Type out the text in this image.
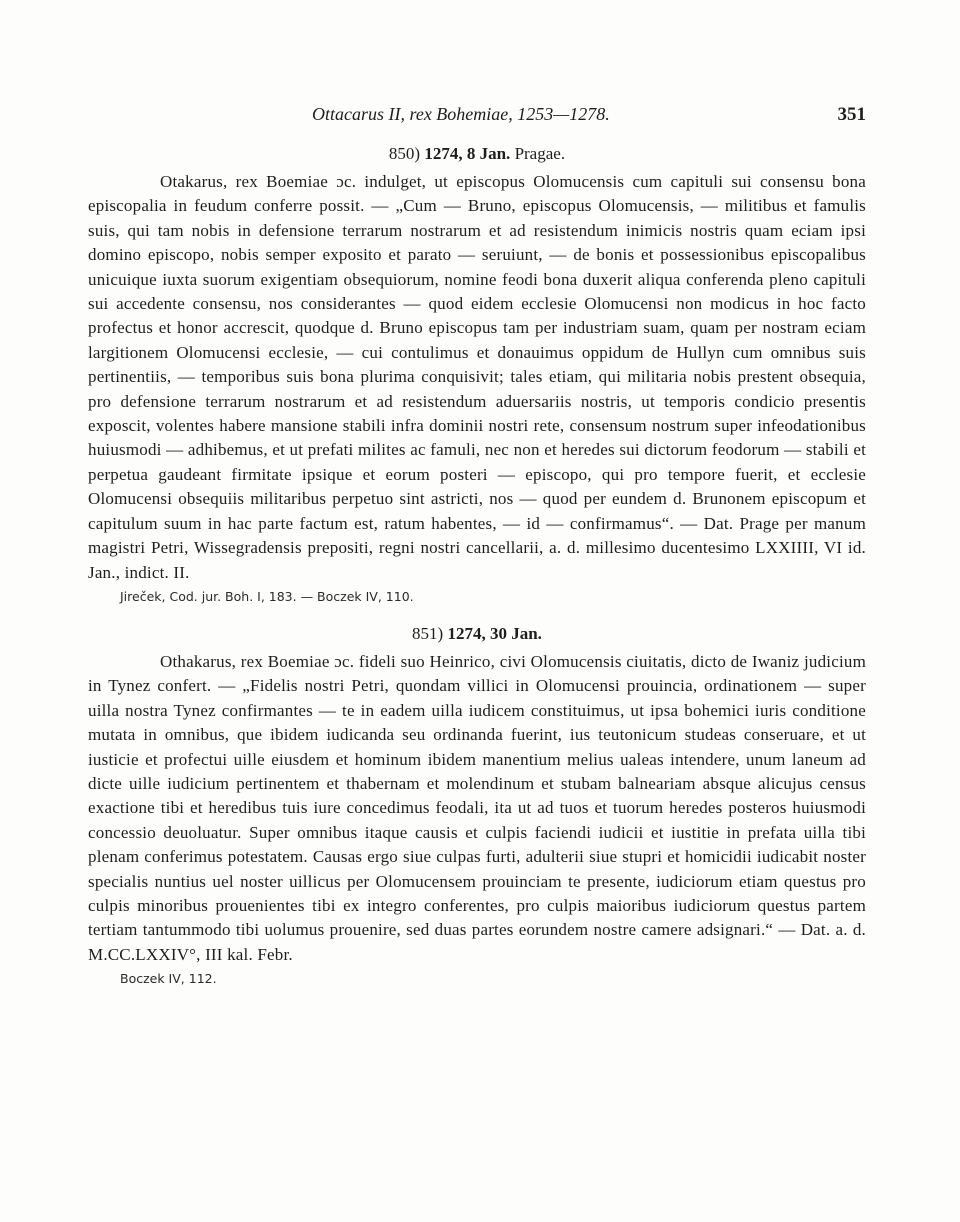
Ottacarus II, rex Bohemiae, 1253—1278.	351
850) 1274, 8 Jan. Pragae.

Otakarus, rex Boemiae ɔc. indulget, ut episcopus Olomucensis cum capituli sui consensu bona episcopalia in feudum conferre possit. — „Cum — Bruno, episcopus Olomucensis, — militibus et famulis suis, qui tam nobis in defensione terrarum nostrarum et ad resistendum inimicis nostris quam eciam ipsi domino episcopo, nobis semper exposito et parato — seruiunt, — de bonis et possessionibus episcopalibus unicuique iuxta suorum exigentiam obsequiorum, nomine feodi bona duxerit aliqua conferenda pleno capituli sui accedente consensu, nos considerantes — quod eidem ecclesie Olomucensi non modicus in hoc facto profectus et honor accrescit, quodque d. Bruno episcopus tam per industriam suam, quam per nostram eciam largitionem Olomucensi ecclesie, — cui contulimus et donauimus oppidum de Hullyn cum omnibus suis pertinentiis, — temporibus suis bona plurima conquisivit; tales etiam, qui militaria nobis prestent obsequia, pro defensione terrarum nostrarum et ad resistendum aduersariis nostris, ut temporis condicio presentis exposcit, volentes habere mansione stabili infra dominii nostri rete, consensum nostrum super infeodationibus huiusmodi — adhibemus, et ut prefati milites ac famuli, nec non et heredes sui dictorum feodorum — stabili et perpetua gaudeant firmitate ipsique et eorum posteri — episcopo, qui pro tempore fuerit, et ecclesie Olomucensi obsequiis militaribus perpetuo sint astricti, nos — quod per eundem d. Brunonem episcopum et capitulum suum in hac parte factum est, ratum habentes, — id — confirmamus“. — Dat. Prage per manum magistri Petri, Wissegradensis prepositi, regni nostri cancellarii, a. d. millesimo ducentesimo LXXIIII, VI id. Jan., indict. II.

Jireček, Cod. jur. Boh. I, 183. — Boczek IV, 110.
851) 1274, 30 Jan.

Othakarus, rex Boemiae ɔc. fideli suo Heinrico, civi Olomucensis ciuitatis, dicto de Iwaniz judicium in Tynez confert. — „Fidelis nostri Petri, quondam villici in Olomucensi prouincia, ordinationem — super uilla nostra Tynez confirmantes — te in eadem uilla iudicem constituimus, ut ipsa bohemici iuris conditione mutata in omnibus, que ibidem iudicanda seu ordinanda fuerint, ius teutonicum studeas conseruare, et ut iusticie et profectui uille eiusdem et hominum ibidem manentium melius ualeas intendere, unum laneum ad dicte uille iudicium pertinentem et thabernam et molendinum et stubam balneariam absque alicujus census exactione tibi et heredibus tuis iure concedimus feodali, ita ut ad tuos et tuorum heredes posteros huiusmodi concessio deuoluatur. Super omnibus itaque causis et culpis faciendi iudicii et iustitie in prefata uilla tibi plenam conferimus potestatem. Causas ergo siue culpas furti, adulterii siue stupri et homicidii iudicabit noster specialis nuntius uel noster uillicus per Olomucensem prouinciam te presente, iudiciorum etiam questus pro culpis minoribus prouenientes tibi ex integro conferentes, pro culpis maioribus iudiciorum questus partem tertiam tantummodo tibi uolumus prouenire, sed duas partes eorundem nostre camere adsignari.“ — Dat. a. d. M.CC.LXXIV°, III kal. Febr.

Boczek IV, 112.
